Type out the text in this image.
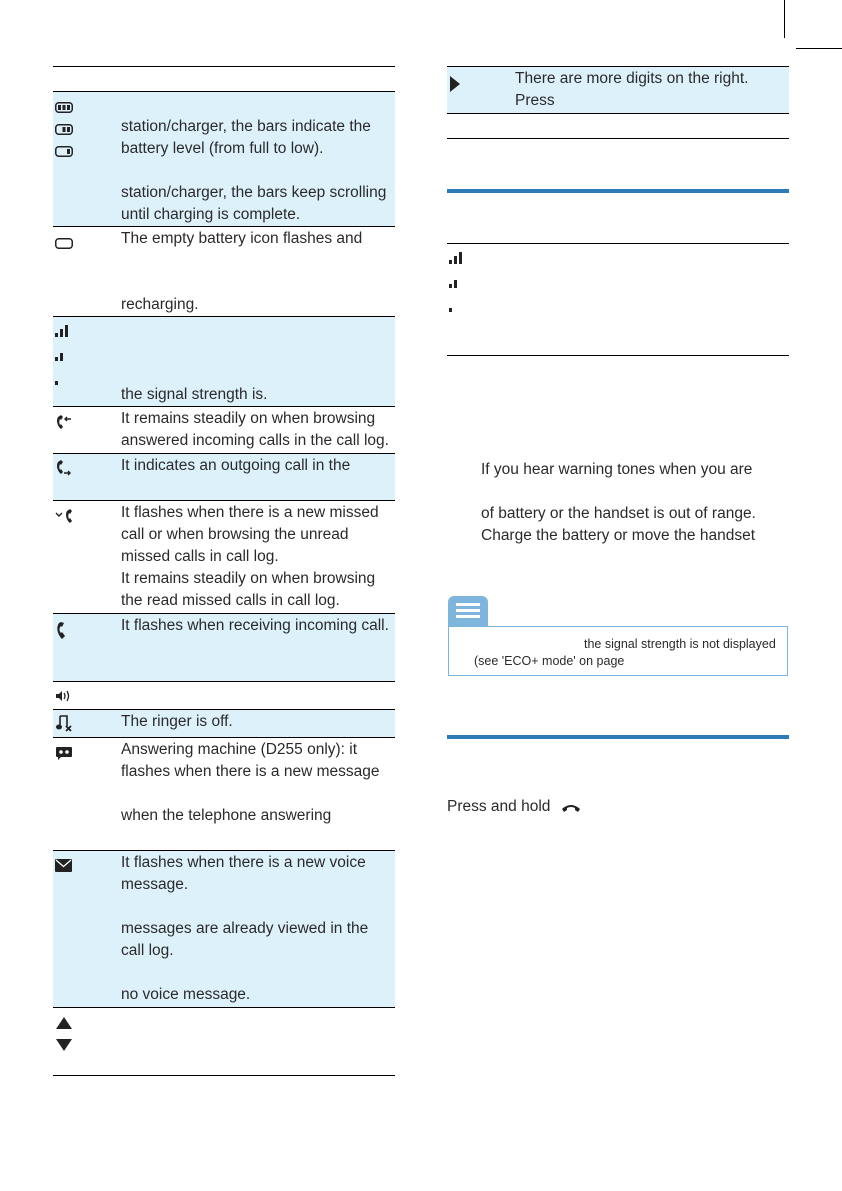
station/charger, the bars indicate the
battery level (from full to low).
station/charger, the bars keep scrolling
until charging is complete.
The empty battery icon flashes and
recharging.
the signal strength is.
It remains steadily on when browsing
answered incoming calls in the call log.
It indicates an outgoing call in the
It flashes when there is a new missed
call or when browsing the unread
missed calls in call log.
It remains steadily on when browsing
the read missed calls in call log.
It flashes when receiving incoming call.
The ringer is off.
Answering machine (D255 only): it
flashes when there is a new message
when the telephone answering
It flashes when there is a new voice
message.
messages are already viewed in the
call log.
no voice message.
There are more digits on the right.
Press
If you hear warning tones when you are
of battery or the handset is out of range.
Charge the battery or move the handset
the signal strength is not displayed
(see 'ECO+ mode' on page
Press and hold
